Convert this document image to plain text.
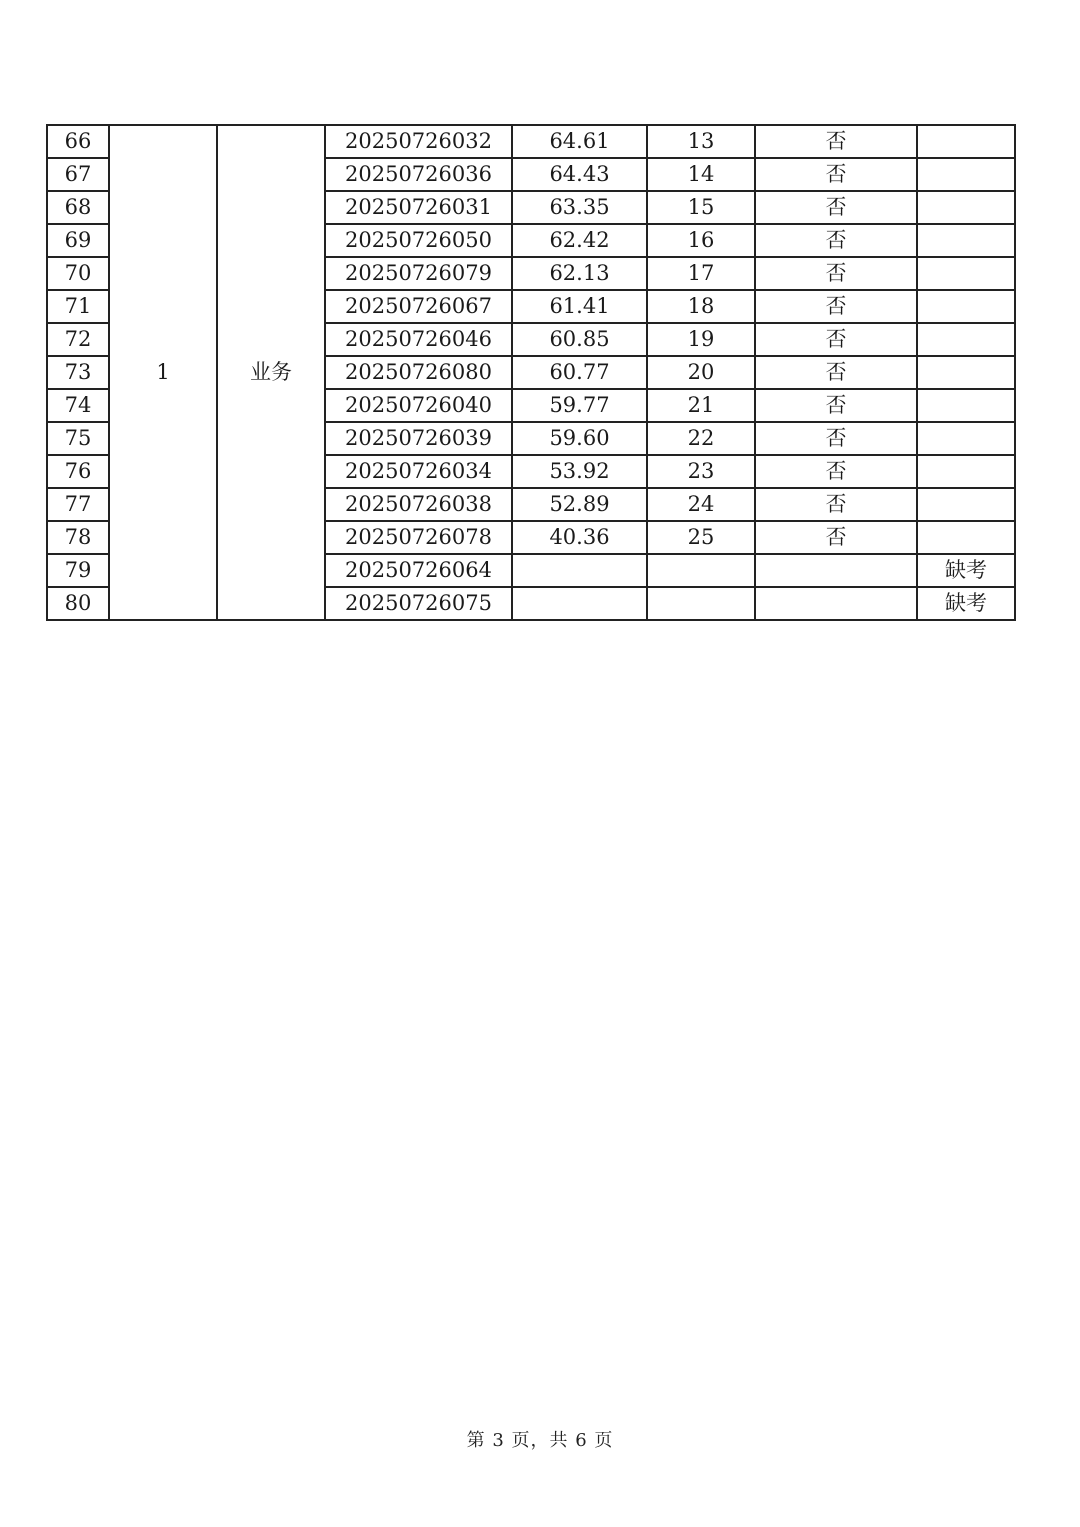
66	1	业务	20250726032	64.61	13	否	
67			20250726036	64.43	14	否	
68			20250726031	63.35	15	否	
69			20250726050	62.42	16	否	
70			20250726079	62.13	17	否	
71			20250726067	61.41	18	否	
72			20250726046	60.85	19	否	
73			20250726080	60.77	20	否	
74			20250726040	59.77	21	否	
75			20250726039	59.60	22	否	
76			20250726034	53.92	23	否	
77			20250726038	52.89	24	否	
78			20250726078	40.36	25	否	
79			20250726064				缺考
80			20250726075				缺考
第 3 页，共 6 页
